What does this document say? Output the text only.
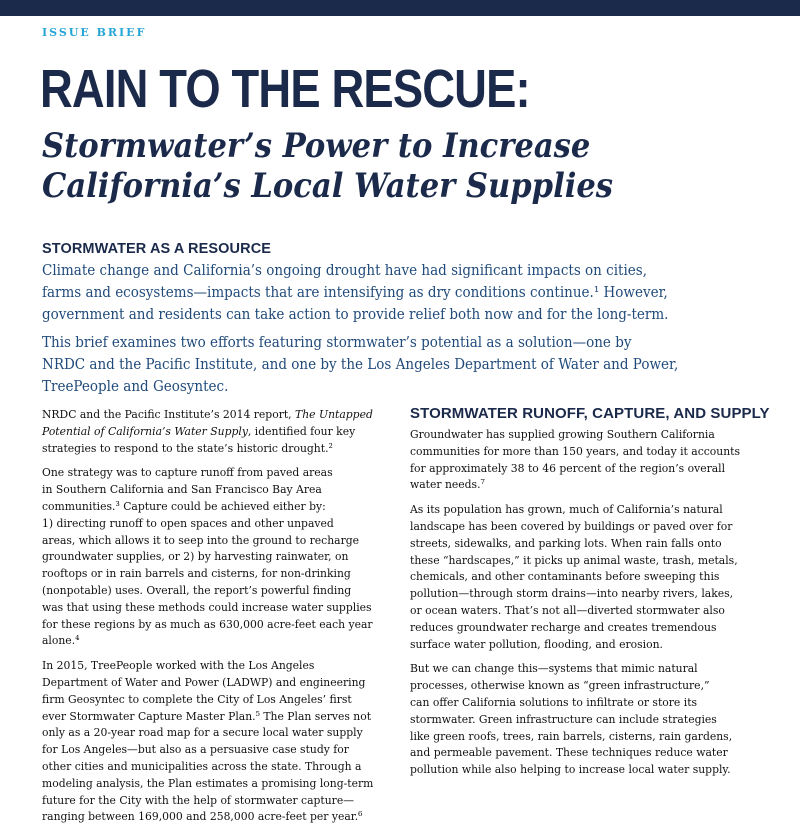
ISSUE BRIEF
RAIN TO THE RESCUE:
Stormwater’s Power to Increase
California’s Local Water Supplies
STORMWATER AS A RESOURCE
Climate change and California’s ongoing drought have had significant impacts on cities,
farms and ecosystems—impacts that are intensifying as dry conditions continue.¹ However,
government and residents can take action to provide relief both now and for the long-term.
This brief examines two efforts featuring stormwater’s potential as a solution—one by
NRDC and the Pacific Institute, and one by the Los Angeles Department of Water and Power,
TreePeople and Geosyntec.

NRDC and the Pacific Institute’s 2014 report, The Untapped
Potential of California’s Water Supply, identified four key
strategies to respond to the state’s historic drought.²

One strategy was to capture runoff from paved areas
in Southern California and San Francisco Bay Area
communities.³ Capture could be achieved either by:
1) directing runoff to open spaces and other unpaved
areas, which allows it to seep into the ground to recharge
groundwater supplies, or 2) by harvesting rainwater, on
rooftops or in rain barrels and cisterns, for non-drinking
(nonpotable) uses. Overall, the report’s powerful finding
was that using these methods could increase water supplies
for these regions by as much as 630,000 acre-feet each year
alone.⁴

In 2015, TreePeople worked with the Los Angeles
Department of Water and Power (LADWP) and engineering
firm Geosyntec to complete the City of Los Angeles’ first
ever Stormwater Capture Master Plan.⁵ The Plan serves not
only as a 20-year road map for a secure local water supply
for Los Angeles—but also as a persuasive case study for
other cities and municipalities across the state. Through a
modeling analysis, the Plan estimates a promising long-term
future for the City with the help of stormwater capture—
ranging between 169,000 and 258,000 acre-feet per year.⁶

STORMWATER RUNOFF, CAPTURE, AND SUPPLY

Groundwater has supplied growing Southern California
communities for more than 150 years, and today it accounts
for approximately 38 to 46 percent of the region’s overall
water needs.⁷

As its population has grown, much of California’s natural
landscape has been covered by buildings or paved over for
streets, sidewalks, and parking lots. When rain falls onto
these “hardscapes,” it picks up animal waste, trash, metals,
chemicals, and other contaminants before sweeping this
pollution—through storm drains—into nearby rivers, lakes,
or ocean waters. That’s not all—diverted stormwater also
reduces groundwater recharge and creates tremendous
surface water pollution, flooding, and erosion.

But we can change this—systems that mimic natural
processes, otherwise known as “green infrastructure,”
can offer California solutions to infiltrate or store its
stormwater. Green infrastructure can include strategies
like green roofs, trees, rain barrels, cisterns, rain gardens,
and permeable pavement. These techniques reduce water
pollution while also helping to increase local water supply.
